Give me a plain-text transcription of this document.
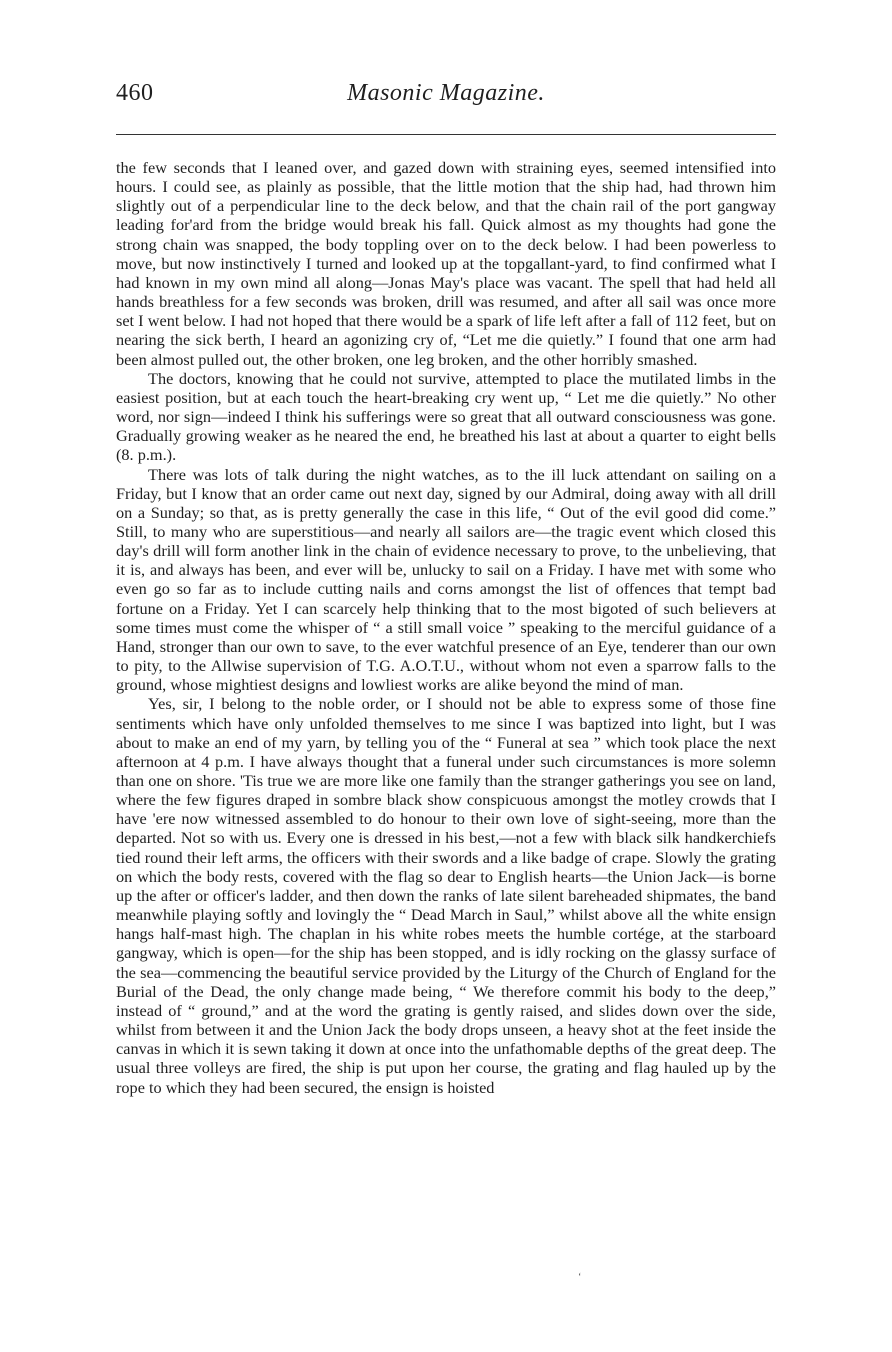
460	Masonic Magazine.

the few seconds that I leaned over, and gazed down with straining eyes, seemed intensified into hours. I could see, as plainly as possible, that the little motion that the ship had, had thrown him slightly out of a perpendicular line to the deck below, and that the chain rail of the port gangway leading for'ard from the bridge would break his fall. Quick almost as my thoughts had gone the strong chain was snapped, the body toppling over on to the deck below. I had been powerless to move, but now instinctively I turned and looked up at the topgallant-yard, to find confirmed what I had known in my own mind all along—Jonas May's place was vacant. The spell that had held all hands breathless for a few seconds was broken, drill was resumed, and after all sail was once more set I went below. I had not hoped that there would be a spark of life left after a fall of 112 feet, but on nearing the sick berth, I heard an agonizing cry of, “Let me die quietly.” I found that one arm had been almost pulled out, the other broken, one leg broken, and the other horribly smashed.

The doctors, knowing that he could not survive, attempted to place the mutilated limbs in the easiest position, but at each touch the heart-breaking cry went up, “ Let me die quietly.” No other word, nor sign—indeed I think his sufferings were so great that all outward consciousness was gone. Gradually growing weaker as he neared the end, he breathed his last at about a quarter to eight bells (8. p.m.).

There was lots of talk during the night watches, as to the ill luck attendant on sailing on a Friday, but I know that an order came out next day, signed by our Admiral, doing away with all drill on a Sunday; so that, as is pretty generally the case in this life, “ Out of the evil good did come.” Still, to many who are superstitious—and nearly all sailors are—the tragic event which closed this day's drill will form another link in the chain of evidence necessary to prove, to the unbelieving, that it is, and always has been, and ever will be, unlucky to sail on a Friday. I have met with some who even go so far as to include cutting nails and corns amongst the list of offences that tempt bad fortune on a Friday. Yet I can scarcely help thinking that to the most bigoted of such believers at some times must come the whisper of “ a still small voice ” speaking to the merciful guidance of a Hand, stronger than our own to save, to the ever watchful presence of an Eye, tenderer than our own to pity, to the Allwise supervision of T.G. A.O.T.U., without whom not even a sparrow falls to the ground, whose mightiest designs and lowliest works are alike beyond the mind of man.

Yes, sir, I belong to the noble order, or I should not be able to express some of those fine sentiments which have only unfolded themselves to me since I was baptized into light, but I was about to make an end of my yarn, by telling you of the “ Funeral at sea ” which took place the next afternoon at 4 p.m. I have always thought that a funeral under such circumstances is more solemn than one on shore. 'Tis true we are more like one family than the stranger gatherings you see on land, where the few figures draped in sombre black show conspicuous amongst the motley crowds that I have 'ere now witnessed assembled to do honour to their own love of sight-seeing, more than the departed. Not so with us. Every one is dressed in his best,—not a few with black silk handkerchiefs tied round their left arms, the officers with their swords and a like badge of crape. Slowly the grating on which the body rests, covered with the flag so dear to English hearts—the Union Jack—is borne up the after or officer's ladder, and then down the ranks of late silent bareheaded shipmates, the band meanwhile playing softly and lovingly the “ Dead March in Saul,” whilst above all the white ensign hangs half-mast high. The chaplan in his white robes meets the humble cortége, at the starboard gangway, which is open—for the ship has been stopped, and is idly rocking on the glassy surface of the sea—commencing the beautiful service provided by the Liturgy of the Church of England for the Burial of the Dead, the only change made being, “ We therefore commit his body to the deep,” instead of “ ground,” and at the word the grating is gently raised, and slides down over the side, whilst from between it and the Union Jack the body drops unseen, a heavy shot at the feet inside the canvas in which it is sewn taking it down at once into the unfathomable depths of the great deep. The usual three volleys are fired, the ship is put upon her course, the grating and flag hauled up by the rope to which they had been secured, the ensign is hoisted

‘
